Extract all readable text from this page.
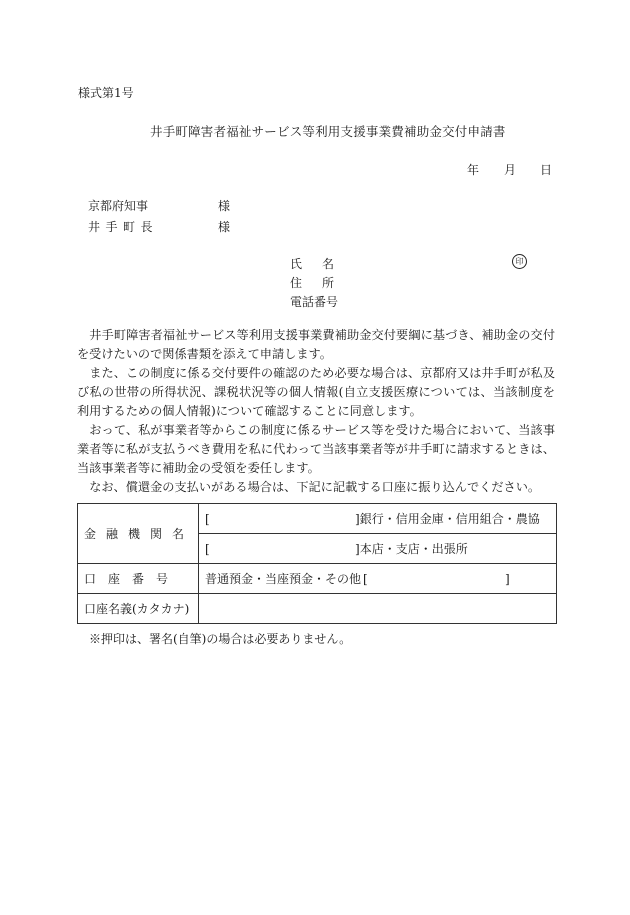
様式第1号
井手町障害者福祉サービス等利用支援事業費補助金交付申請書
年 月 日
京都府知事	様
井手町長	様
氏名	印
住所
電話番号

　井手町障害者福祉サービス等利用支援事業費補助金交付要綱に基づき、補助金の交付を受けたいので関係書類を添えて申請します。

　また、この制度に係る交付要件の確認のため必要な場合は、京都府又は井手町が私及び私の世帯の所得状況、課税状況等の個人情報(自立支援医療については、当該制度を利用するための個人情報)について確認することに同意します。

　おって、私が事業者等からこの制度に係るサービス等を受けた場合において、当該事業者等に私が支払うべき費用を私に代わって当該事業者等が井手町に請求するときは、当該事業者等に補助金の受領を委任します。

　なお、償還金の支払いがある場合は、下記に記載する口座に振り込んでください。

金融機関名	[ ] 銀行・信用金庫・信用組合・農協

	[ ] 本店・支店・出張所

口座番号	普通預金・当座預金・その他 [ ]

口座名義(カタカナ)	
※押印は、署名(自筆)の場合は必要ありません。
